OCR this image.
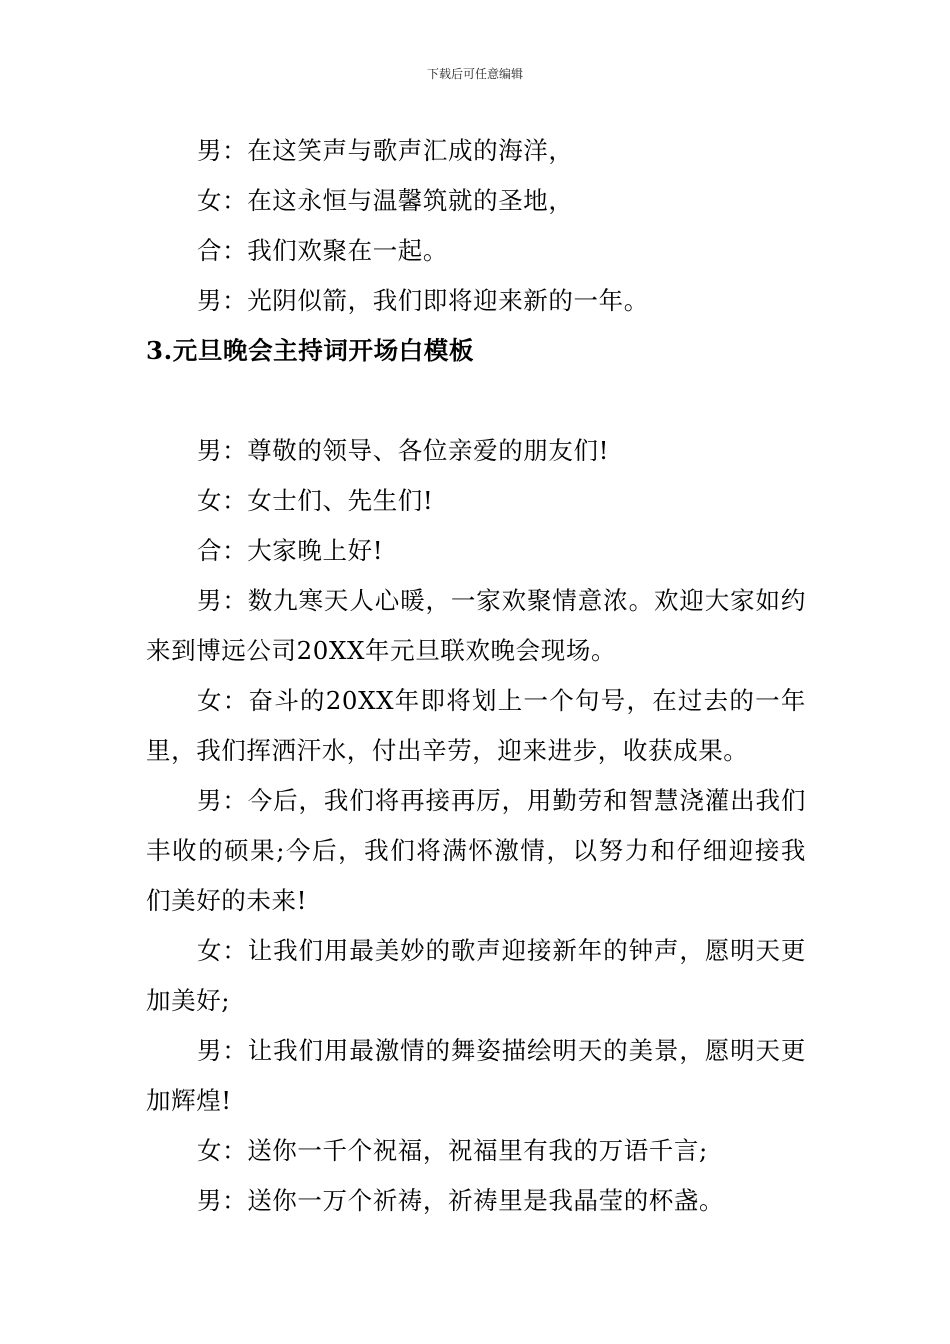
下载后可任意编辑

男：在这笑声与歌声汇成的海洋，

女：在这永恒与温馨筑就的圣地，

合：我们欢聚在一起。

男：光阴似箭，我们即将迎来新的一年。

3.元旦晚会主持词开场白模板

男：尊敬的领导、各位亲爱的朋友们!

女：女士们、先生们!

合：大家晚上好!

男：数九寒天人心暖，一家欢聚情意浓。欢迎大家如约来到博远公司20XX年元旦联欢晚会现场。

女：奋斗的20XX年即将划上一个句号，在过去的一年里，我们挥洒汗水，付出辛劳，迎来进步，收获成果。

男：今后，我们将再接再厉，用勤劳和智慧浇灌出我们丰收的硕果;今后，我们将满怀激情，以努力和仔细迎接我们美好的未来!

女：让我们用最美妙的歌声迎接新年的钟声，愿明天更加美好;

男：让我们用最激情的舞姿描绘明天的美景，愿明天更加辉煌!

女：送你一千个祝福，祝福里有我的万语千言;

男：送你一万个祈祷，祈祷里是我晶莹的杯盏。
